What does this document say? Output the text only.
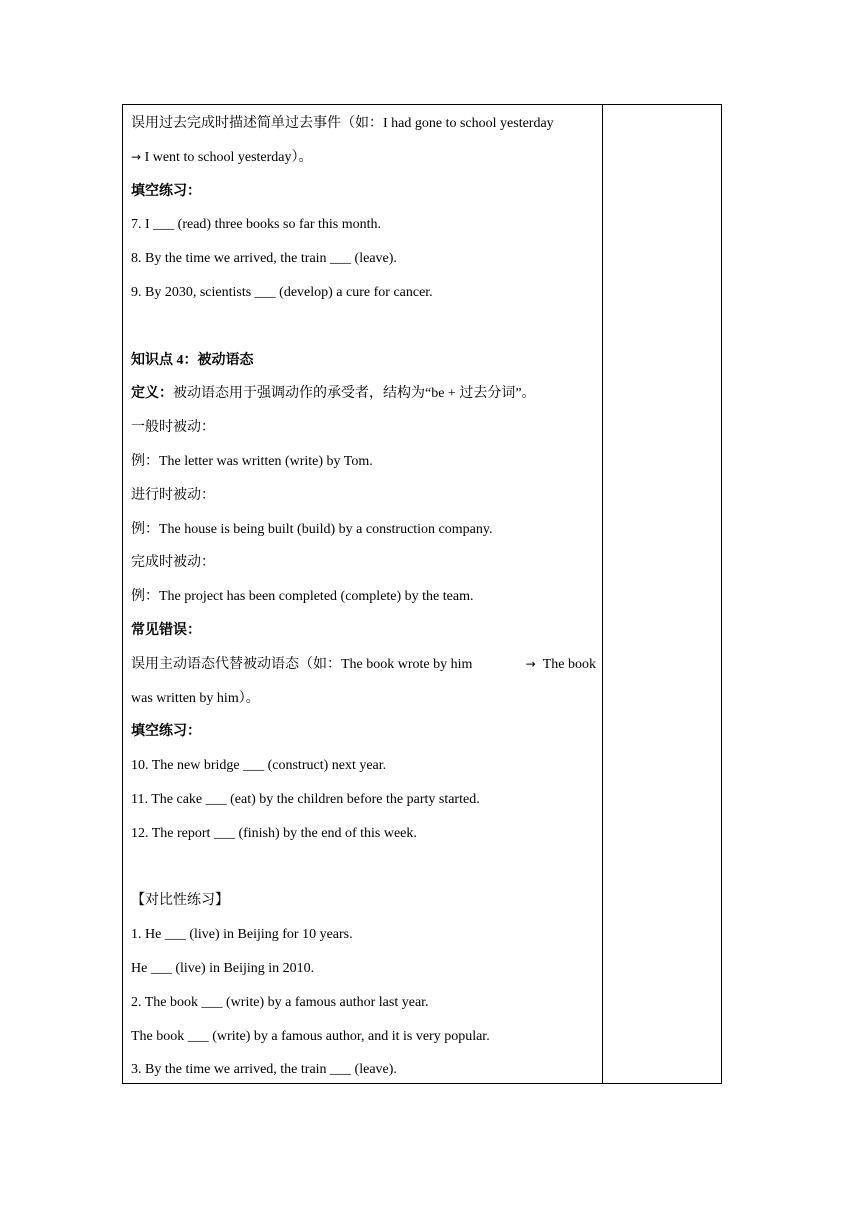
误用过去完成时描述简单过去事件（如：I had gone to school yesterday
→ I went to school yesterday）。
填空练习：
7. I ___ (read) three books so far this month.
8. By the time we arrived, the train ___ (leave).
9. By 2030, scientists ___ (develop) a cure for cancer.
知识点 4：被动语态
定义：被动语态用于强调动作的承受者，结构为“be + 过去分词”。
一般时被动：
例：The letter was written (write) by Tom.
进行时被动：
例：The house is being built (build) by a construction company.
完成时被动：
例：The project has been completed (complete) by the team.
常见错误：
误用主动语态代替被动语态（如：The book wrote by him	→ The book
was written by him）。
填空练习：
10. The new bridge ___ (construct) next year.
11. The cake ___ (eat) by the children before the party started.
12. The report ___ (finish) by the end of this week.
【对比性练习】
1. He ___ (live) in Beijing for 10 years.
He ___ (live) in Beijing in 2010.
2. The book ___ (write) by a famous author last year.
The book ___ (write) by a famous author, and it is very popular.
3. By the time we arrived, the train ___ (leave).
